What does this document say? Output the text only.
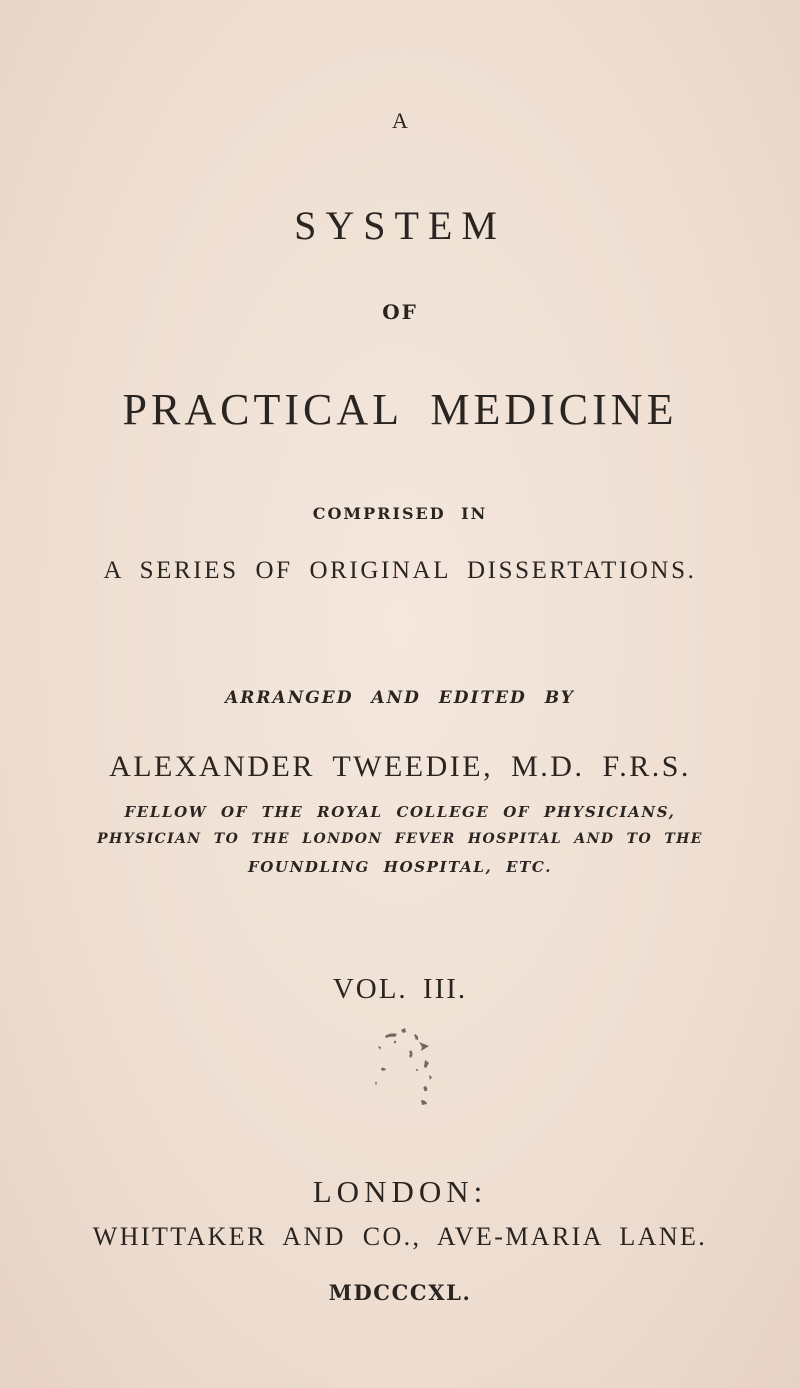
A
SYSTEM
OF
PRACTICAL MEDICINE
COMPRISED IN
A SERIES OF ORIGINAL DISSERTATIONS.
ARRANGED AND EDITED BY
ALEXANDER TWEEDIE, M.D. F.R.S.
FELLOW OF THE ROYAL COLLEGE OF PHYSICIANS,
PHYSICIAN TO THE LONDON FEVER HOSPITAL AND TO THE
FOUNDLING HOSPITAL, ETC.
VOL. III.
LONDON:
WHITTAKER AND CO., AVE-MARIA LANE.
MDCCCXL.
